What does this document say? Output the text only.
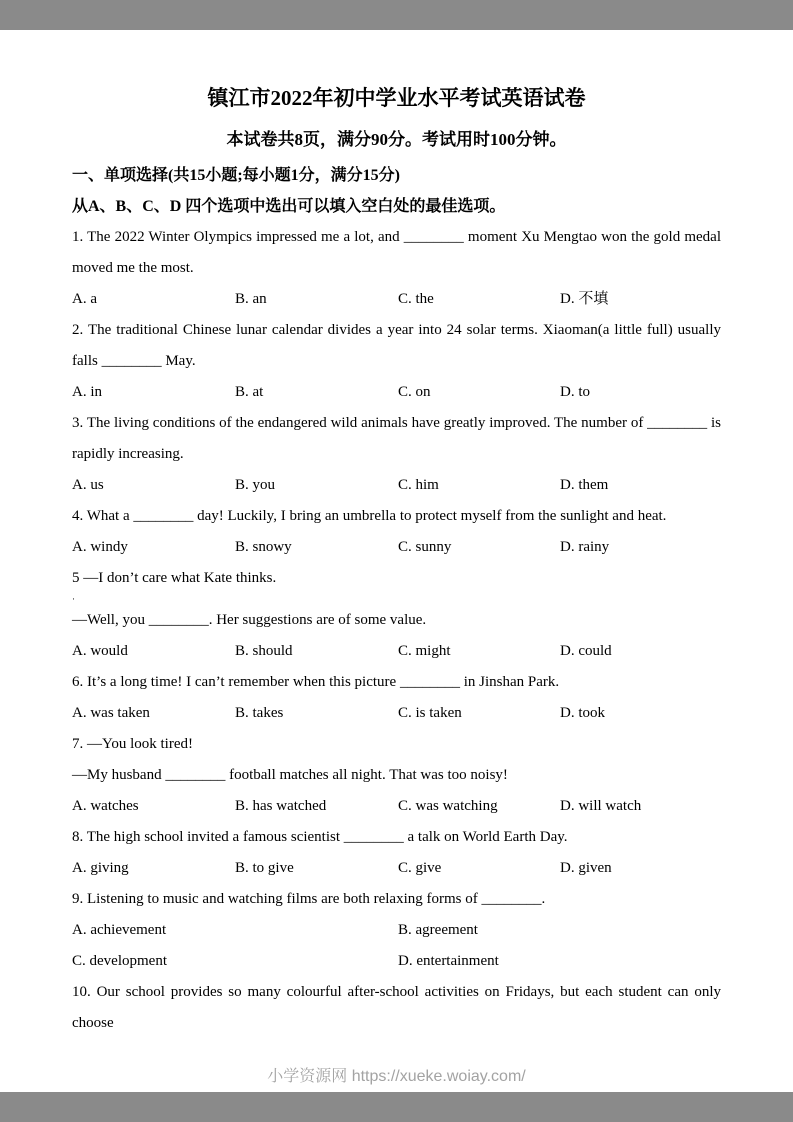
镇江市2022年初中学业水平考试英语试卷
本试卷共8页，满分90分。考试用时100分钟。
一、单项选择(共15小题;每小题1分，满分15分)
从A、B、C、D 四个选项中选出可以填入空白处的最佳选项。

1. The 2022 Winter Olympics impressed me a lot, and ________ moment Xu Mengtao won the gold medal moved me the most.

A. a	B. an	C. the	D. 不填

2. The traditional Chinese lunar calendar divides a year into 24 solar terms. Xiaoman(a little full) usually falls ________ May.

A. in	B. at	C. on	D. to

3. The living conditions of the endangered wild animals have greatly improved. The number of ________ is rapidly increasing.

A. us	B. you	C. him	D. them

4. What a ________ day! Luckily, I bring an umbrella to protect myself from the sunlight and heat.

A. windy	B. snowy	C. sunny	D. rainy

5 —I don’t care what Kate thinks.

·

—Well, you ________. Her suggestions are of some value.

A. would	B. should	C. might	D. could

6. It’s a long time! I can’t remember when this picture ________ in Jinshan Park.

A. was taken	B. takes	C. is taken	D. took

7. —You look tired!

—My husband ________ football matches all night. That was too noisy!

A. watches	B. has watched	C. was watching	D. will watch

8. The high school invited a famous scientist ________ a talk on World Earth Day.

A. giving	B. to give	C. give	D. given

9. Listening to music and watching films are both relaxing forms of ________.

A. achievement	B. agreement
C. development	D. entertainment

10. Our school provides so many colourful after-school activities on Fridays, but each student can only choose

小学资源网 https://xueke.woiay.com/
